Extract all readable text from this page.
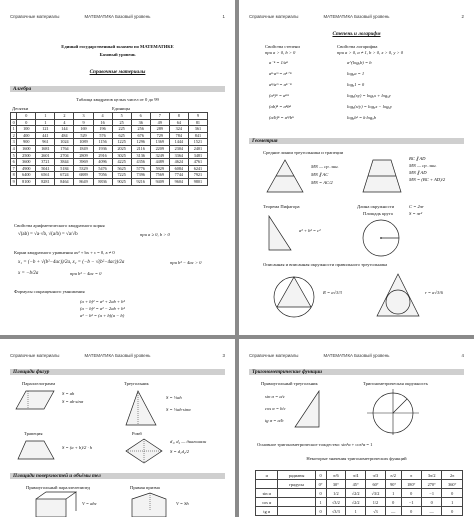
Справочные материалы	МАТЕМАТИКА Базовый уровень	1
Единый государственный экзамен по МАТЕМАТИКЕ
Базовый уровень
Справочные материалы
Алгебра
Таблица квадратов целых чисел от 0 до 99
Десятки	Единицы
	0	1	2	3	4	5	6	7	8	9
0	0	1	4	9	16	25	36	49	64	81
1	100	121	144	169	196	225	256	289	324	361
2	400	441	484	529	576	625	676	729	784	841
3	900	961	1024	1089	1156	1225	1296	1369	1444	1521
4	1600	1681	1764	1849	1936	2025	2116	2209	2304	2401
5	2500	2601	2704	2809	2916	3025	3136	3249	3364	3481
6	3600	3721	3844	3969	4096	4225	4356	4489	4624	4761
7	4900	5041	5184	5329	5476	5625	5776	5929	6084	6241
8	6400	6561	6724	6889	7056	7225	7396	7569	7744	7921
9	8100	8281	8464	8649	8836	9025	9216	9409	9604	9801
Свойства арифметического квадратного корня
√(ab) = √a·√b, √(a/b) = √a/√b	при a ≥ 0, b > 0
Корни квадратного уравнения ax² + bx + c = 0, a ≠ 0
x₁ = (−b + √(b²−4ac))/2a, x₂ = (−b − √(b²−4ac))/2a	при b² − 4ac > 0
x = −b/2a	при b² − 4ac = 0
Формулы сокращенного умножения
(a + b)² = a² + 2ab + b²
(a − b)² = a² − 2ab + b²
a² − b² = (a + b)(a − b)
Справочные материалы	МАТЕМАТИКА Базовый уровень	2
Степень и логарифм
Свойства степени
при a > 0, b > 0
Свойства логарифма
при a > 0, a ≠ 1, b > 0, x > 0, y > 0
a⁻ⁿ = 1/aⁿ
aⁿ·aᵐ = aⁿ⁺ᵐ
aⁿ/aᵐ = aⁿ⁻ᵐ
(aⁿ)ᵐ = aⁿᵐ
(ab)ⁿ = aⁿbⁿ
(a/b)ⁿ = aⁿ/bⁿ
a^(logₐb) = b
logₐa = 1
logₐ1 = 0
logₐ(xy) = logₐx + logₐy
logₐ(x/y) = logₐx − logₐy
logₐbᵏ = k·logₐb
Геометрия
Средние линии треугольника и трапеции
MN — ср. лин.
MN ∥ AC
MN = AC/2
BC ∥ AD
MN — ср. лин.
MN ∥ AD
MN = (BC + AD)/2
Теорема Пифагора
a² + b² = c²
Длина окружности	C = 2πr
Площадь круга	S = πr²
Описанная и вписанная окружности правильного треугольника
R = a√3/3	r = a√3/6
Справочные материалы	МАТЕМАТИКА Базовый уровень	3
Площади фигур
Параллелограмм
S = ah
S = ab·sinα
Треугольник
S = ½ah
S = ½ab·sinα
Трапеция
S = (a + b)/2 · h
Ромб
d₁, d₂ — диагонали
S = d₁d₂/2
Площади поверхностей и объёмы тел
Прямоугольный параллелепипед
V = abc
Прямая призма
V = Sh
Справочные материалы	МАТЕМАТИКА Базовый уровень	4
Тригонометрические функции
Прямоугольный треугольник	Тригонометрическая окружность
sin α = a/c
cos α = b/c
tg α = a/b
Основное тригонометрическое тождество: sin²α + cos²α = 1
Некоторые значения тригонометрических функций
α	радианы	0	π/6	π/4	π/3	π/2	π	3π/2	2π
	градусы	0°	30°	45°	60°	90°	180°	270°	360°
sin α		0	1/2	√2/2	√3/2	1	0	−1	0
cos α		1	√3/2	√2/2	1/2	0	−1	0	1
tg α		0	√3/3	1	√3	—	0	—	0
